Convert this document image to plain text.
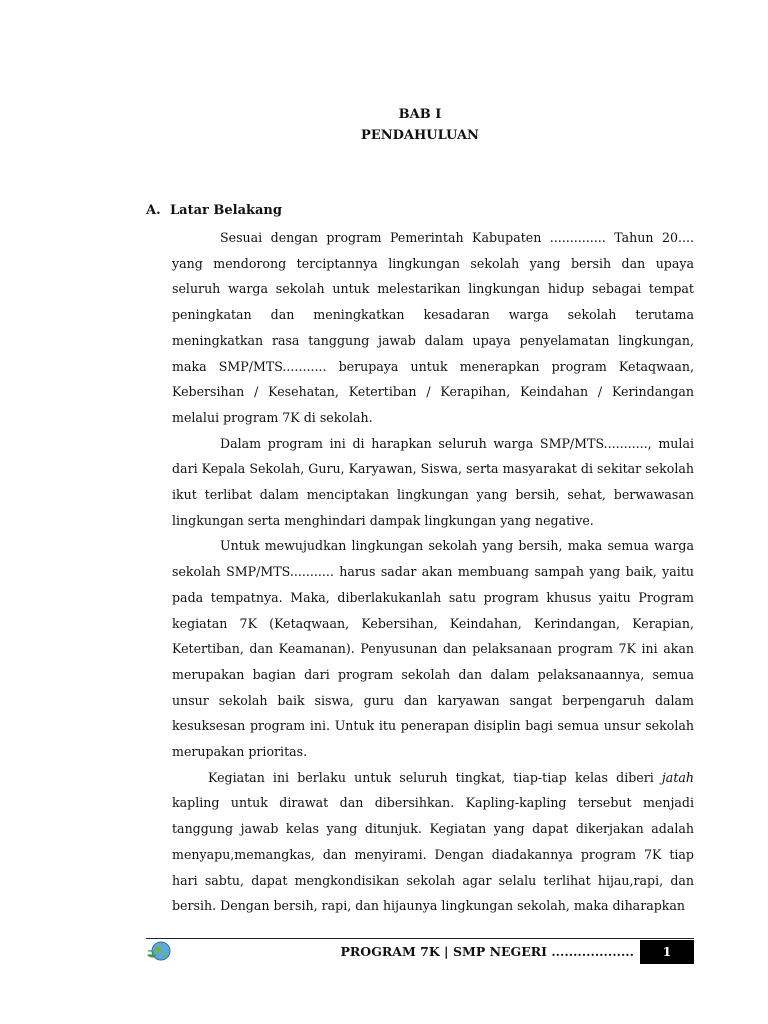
BAB I
PENDAHULUAN
A. Latar Belakang

Sesuai dengan program Pemerintah Kabupaten .............. Tahun 20.... yang mendorong terciptannya lingkungan sekolah yang bersih dan upaya seluruh warga sekolah untuk melestarikan lingkungan hidup sebagai tempat peningkatan dan meningkatkan kesadaran warga sekolah terutama meningkatkan rasa tanggung jawab dalam upaya penyelamatan lingkungan, maka SMP/MTS........... berupaya untuk menerapkan program Ketaqwaan, Kebersihan / Kesehatan, Ketertiban / Kerapihan, Keindahan / Kerindangan melalui program 7K di sekolah.

Dalam program ini di harapkan seluruh warga SMP/MTS..........., mulai dari Kepala Sekolah, Guru, Karyawan, Siswa, serta masyarakat di sekitar sekolah ikut terlibat dalam menciptakan lingkungan yang bersih, sehat, berwawasan lingkungan serta menghindari dampak lingkungan yang negative.

Untuk mewujudkan lingkungan sekolah yang bersih, maka semua warga sekolah SMP/MTS........... harus sadar akan membuang sampah yang baik, yaitu pada tempatnya. Maka, diberlakukanlah satu program khusus yaitu Program kegiatan 7K (Ketaqwaan, Kebersihan, Keindahan, Kerindangan, Kerapian, Ketertiban, dan Keamanan). Penyusunan dan pelaksanaan program 7K ini akan merupakan bagian dari program sekolah dan dalam pelaksanaannya, semua unsur sekolah baik siswa, guru dan karyawan sangat berpengaruh dalam kesuksesan program ini. Untuk itu penerapan disiplin bagi semua unsur sekolah merupakan prioritas.

Kegiatan ini berlaku untuk seluruh tingkat, tiap-tiap kelas diberi jatah kapling untuk dirawat dan dibersihkan. Kapling-kapling tersebut menjadi tanggung jawab kelas yang ditunjuk. Kegiatan yang dapat dikerjakan adalah menyapu,memangkas, dan menyirami. Dengan diadakannya program 7K tiap hari sabtu, dapat mengkondisikan sekolah agar selalu terlihat hijau,rapi, dan bersih. Dengan bersih, rapi, dan hijaunya lingkungan sekolah, maka diharapkan

PROGRAM 7K | SMP NEGERI ...................	1
